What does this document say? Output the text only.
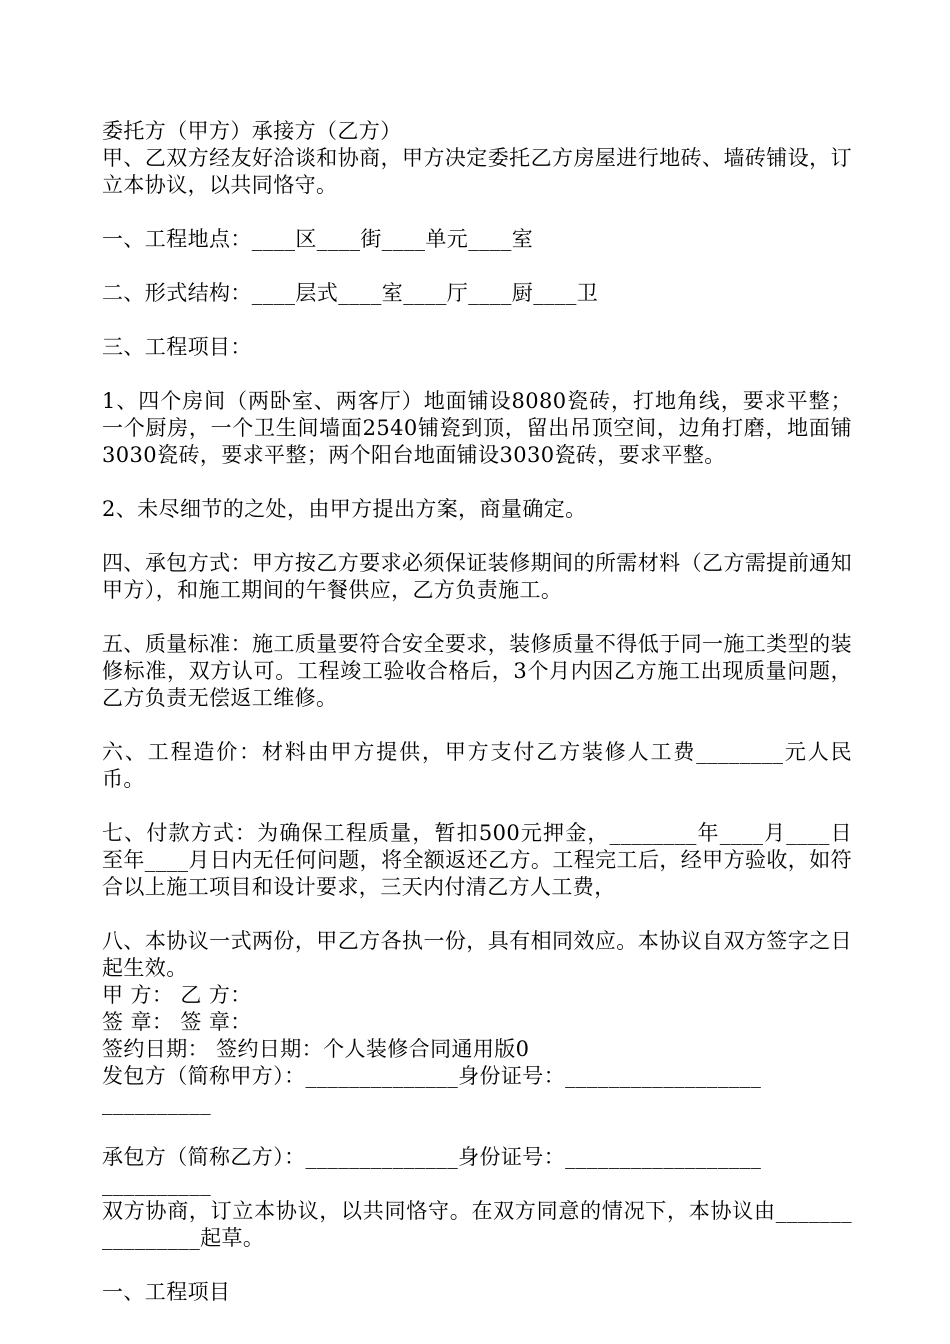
委托方（甲方）承接方（乙方）

甲、乙双方经友好洽谈和协商，甲方决定委托乙方房屋进行地砖、墙砖铺设，订立本协议，以共同恪守。

一、工程地点：____区____街____单元____室

二、形式结构：____层式____室____厅____厨____卫

三、工程项目：

1、四个房间（两卧室、两客厅）地面铺设8080瓷砖，打地角线，要求平整；一个厨房，一个卫生间墙面2540铺瓷到顶，留出吊顶空间，边角打磨，地面铺3030瓷砖，要求平整；两个阳台地面铺设3030瓷砖，要求平整。

2、未尽细节的之处，由甲方提出方案，商量确定。

四、承包方式：甲方按乙方要求必须保证装修期间的所需材料（乙方需提前通知甲方），和施工期间的午餐供应，乙方负责施工。

五、质量标准：施工质量要符合安全要求，装修质量不得低于同一施工类型的装修标准，双方认可。工程竣工验收合格后，3个月内因乙方施工出现质量问题，乙方负责无偿返工维修。

六、工程造价：材料由甲方提供，甲方支付乙方装修人工费________元人民币。

七、付款方式：为确保工程质量，暂扣500元押金，________年____月____日至年____月日内无任何问题，将全额返还乙方。工程完工后，经甲方验收，如符合以上施工项目和设计要求，三天内付清乙方人工费，

八、本协议一式两份，甲乙方各执一份，具有相同效应。本协议自双方签字之日起生效。

甲 方： 乙 方：

签 章： 签 章：

签约日期： 签约日期：个人装修合同通用版0

发包方（简称甲方）：______________身份证号：__________________

__________

承包方（简称乙方）：______________身份证号：__________________

__________

双方协商，订立本协议，以共同恪守。在双方同意的情况下，本协议由________________起草。

一、工程项目
